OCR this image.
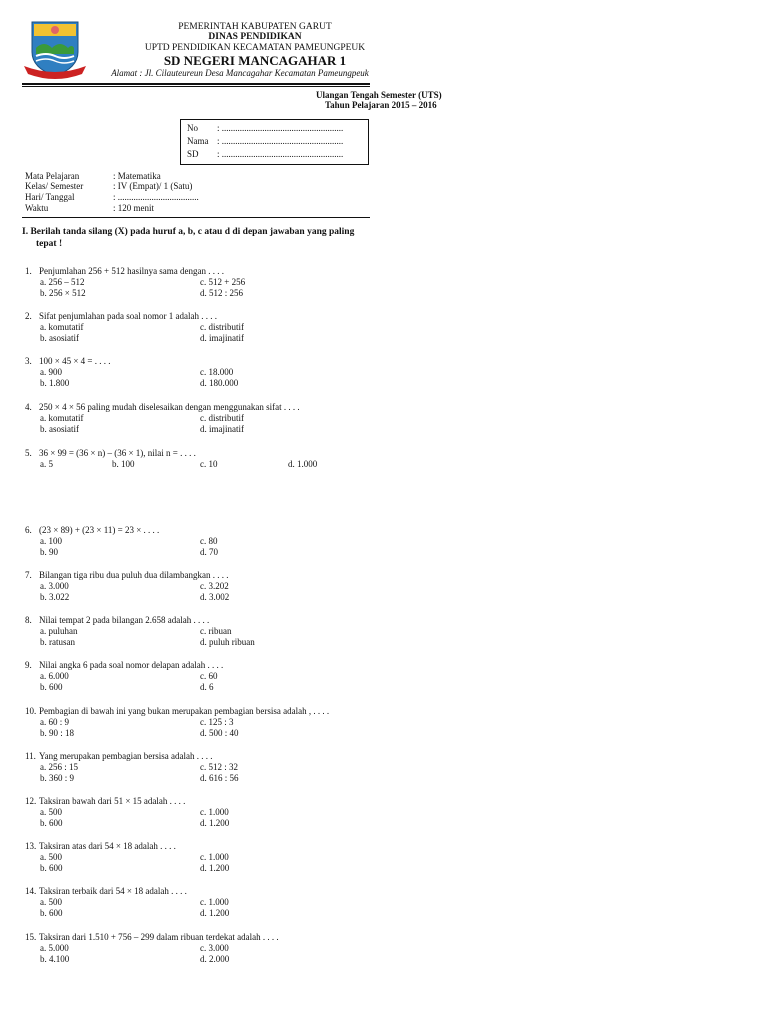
PEMERINTAH KABUPATEN GARUT
DINAS PENDIDIKAN
UPTD PENDIDIKAN KECAMATAN PAMEUNGPEUK
SD NEGERI MANCAGAHAR 1
Alamat : Jl. Cilauteureun Desa Mancagahar Kecamatan Pameungpeuk
Ulangan Tengah Semester (UTS)
Tahun Pelajaran 2015 – 2016
No : ......................................................
Nama : ......................................................
SD : ......................................................
Mata Pelajaran	: Matematika
Kelas/ Semester	: IV (Empat)/ 1 (Satu)
Hari/ Tanggal	: ....................................
Waktu	: 120 menit
I. Berilah tanda silang (X) pada huruf a, b, c atau d di depan jawaban yang paling
tepat !
1. Penjumlahan 256 + 512 hasilnya sama dengan . . . .
a. 256 – 512
b. 256 × 512
c. 512 + 256
d. 512 : 256
2. Sifat penjumlahan pada soal nomor 1 adalah . . . .
a. komutatif
b. asosiatif
c. distributif
d. imajinatif
3. 100 × 45 × 4 = . . . .
a. 900
b. 1.800
c. 18.000
d. 180.000
4. 250 × 4 × 56 paling mudah diselesaikan dengan menggunakan sifat . . . .
a. komutatif
b. asosiatif
c. distributif
d. imajinatif
5. 36 × 99 = (36 × n) – (36 × 1), nilai n = . . . .
a. 5	b. 100	c. 10	d. 1.000
6. (23 × 89) + (23 × 11) = 23 × . . . .
a. 100
b. 90
c. 80
d. 70
7. Bilangan tiga ribu dua puluh dua dilambangkan . . . .
a. 3.000
b. 3.022
c. 3.202
d. 3.002
8. Nilai tempat 2 pada bilangan 2.658 adalah . . . .
a. puluhan
b. ratusan
c. ribuan
d. puluh ribuan
9. Nilai angka 6 pada soal nomor delapan adalah . . . .
a. 6.000
b. 600
c. 60
d. 6
10. Pembagian di bawah ini yang bukan merupakan pembagian bersisa adalah , . . . .
a. 60 : 9
b. 90 : 18
c. 125 : 3
d. 500 : 40
11. Yang merupakan pembagian bersisa adalah . . . .
a. 256 : 15
b. 360 : 9
c. 512 : 32
d. 616 : 56
12. Taksiran bawah dari 51 × 15 adalah . . . .
a. 500
b. 600
c. 1.000
d. 1.200
13. Taksiran atas dari 54 × 18 adalah . . . .
a. 500
b. 600
c. 1.000
d. 1.200
14. Taksiran terbaik dari 54 × 18 adalah . . . .
a. 500
b. 600
c. 1.000
d. 1.200
15. Taksiran dari 1.510 + 756 – 299 dalam ribuan terdekat adalah . . . .
a. 5.000
b. 4.100
c. 3.000
d. 2.000
